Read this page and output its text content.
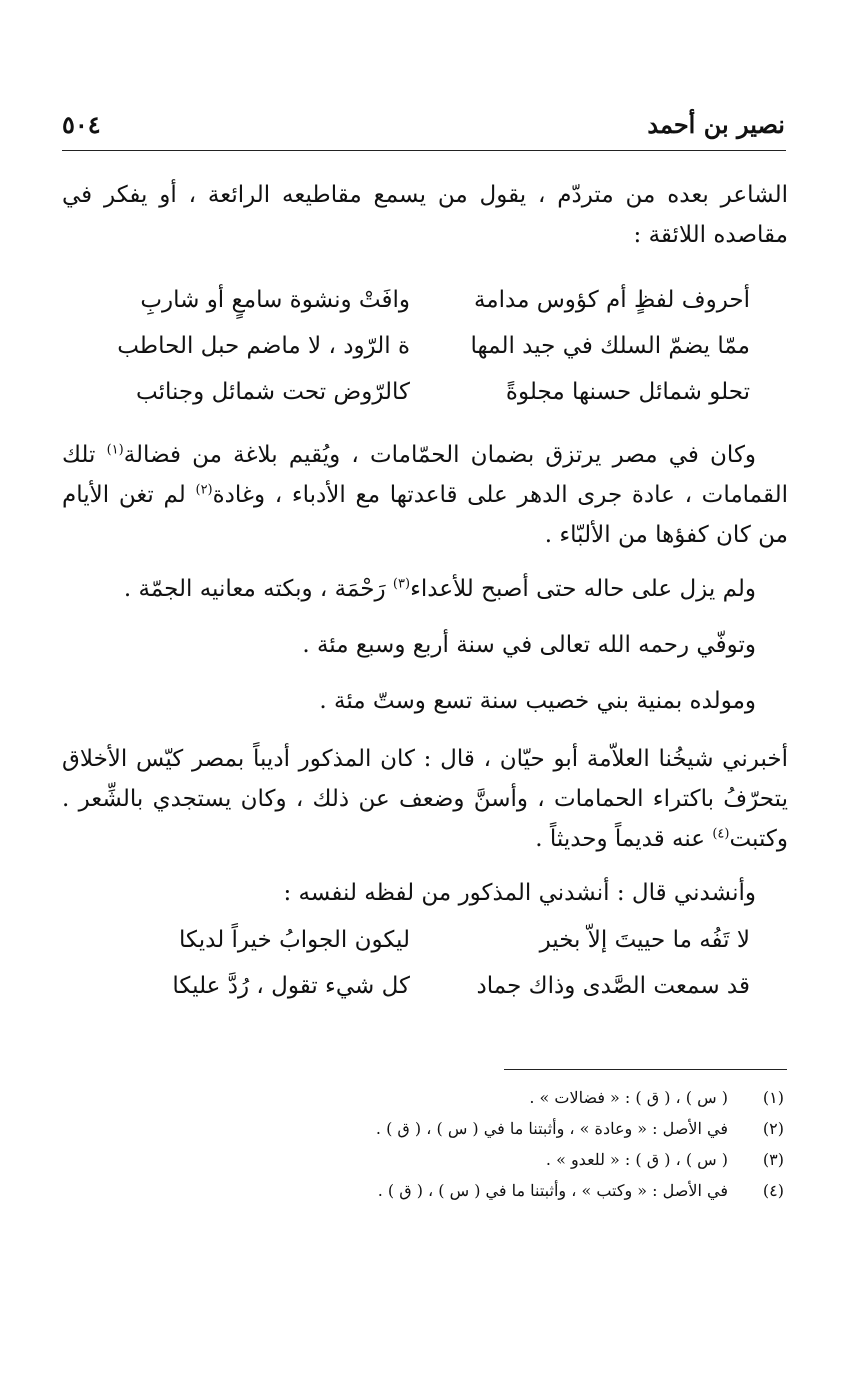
نصير بن أحمد
٥٠٤

الشاعر بعده من متردّم ، يقول من يسمع مقاطيعه الرائعة ، أو يفكر في مقاصده اللائقة :

أحروف لفظٍ أم كؤوس مدامة
وافَتْ ونشوة سامعٍ أو شاربِ
ممّا يضمّ السلك في جيد المها
ة الرّود ، لا ماضم حبل الحاطب
تحلو شمائل حسنها مجلوةً
كالرّوض تحت شمائل وجنائب

وكان في مصر يرتزق بضمان الحمّامات ، ويُقيم بلاغة من فضالة$^{(١)}$ تلك القمامات ، عادة جرى الدهر على قاعدتها مع الأدباء ، وغادة$^{(٢)}$ لم تغن الأيام من كان كفؤها من الألبّاء .

ولم يزل على حاله حتى أصبح للأعداء$^{(٣)}$ رَحْمَة ، وبكته معانيه الجمّة .

وتوفّي رحمه الله تعالى في سنة أربع وسبع مئة .

ومولده بمنية بني خصيب سنة تسع وستّ مئة .

أخبرني شيخُنا العلاّمة أبو حيّان ، قال : كان المذكور أديباً بمصر كيّس الأخلاق يتحرّفُ باكتراء الحمامات ، وأسنَّ وضعف عن ذلك ، وكان يستجدي بالشِّعر . وكتبت$^{(٤)}$ عنه قديماً وحديثاً .

وأنشدني قال : أنشدني المذكور من لفظه لنفسه :

لا تَفُه ما حييتَ إلاّ بخير
ليكون الجوابُ خيراً لديكا
قد سمعت الصَّدى وذاك جماد
كل شيء تقول ، رُدَّ عليكا
(١)
( س ) ، ( ق ) : « فضالات » .
(٢)
في الأصل : « وعادة » ، وأثبتنا ما في ( س ) ، ( ق ) .
(٣)
( س ) ، ( ق ) : « للعدو » .
(٤)
في الأصل : « وكتب » ، وأثبتنا ما في ( س ) ، ( ق ) .
